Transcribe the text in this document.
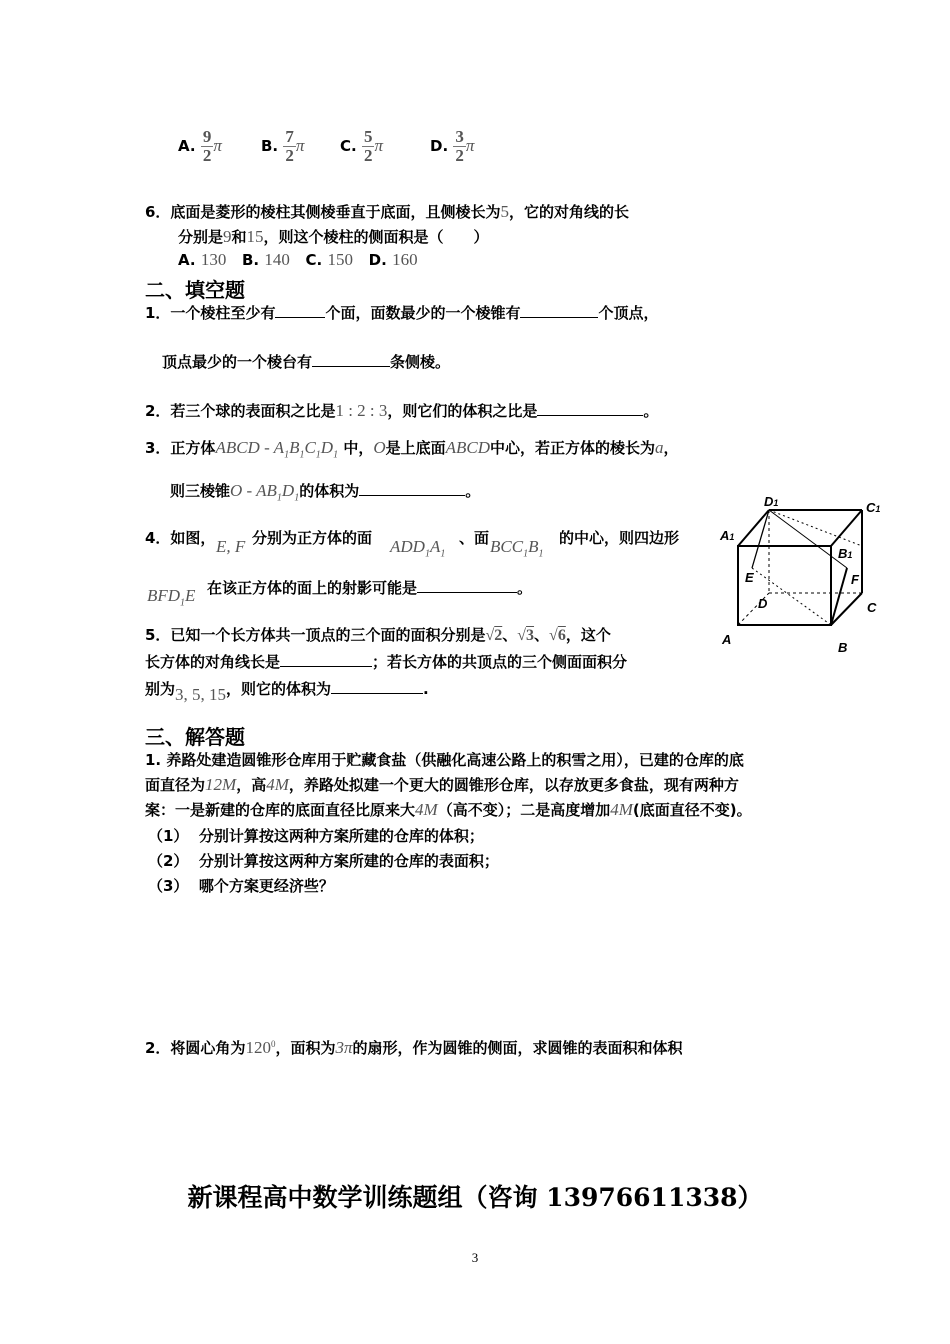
A. $\frac{9}{2}$ π	B. $\frac{7}{2}$ π C. $\frac{5}{2}$ π	D. $\frac{3}{2}$ π
6．底面是菱形的棱柱其侧棱垂直于底面，且侧棱长为5，它的对角线的长
分别是9和15，则这个棱柱的侧面积是（　　）
A. 130 B. 140 C. 150 D. 160
二、填空题
1．一个棱柱至少有	个面，面数最少的一个棱锥有	个顶点，
顶点最少的一个棱台有	条侧棱。
2．若三个球的表面积之比是1 : 2 : 3，则它们的体积之比是	。
3．正方体ABCD - $A_1B_1C_1D_1$ 中，O是上底面ABCD中心，若正方体的棱长为a，
则三棱锥O - $AB_1D_1$的体积为	。
4．如图， E, F 分别为正方体的面 $ADD_1A_1$
、面 $BCC_1B_1$
的中心，则四边形
$BFD_1E$ 在该正方体的面上的射影可能是	。
5．已知一个长方体共一顶点的三个面的面积分别是√2、√3、√6，这个
长方体的对角线长是	；若长方体的共顶点的三个侧面面积分
别为3, 5, 15，则它的体积为	.
D1	C1
A1
B1
E	F
D	C
A
B
三、解答题
1. 养路处建造圆锥形仓库用于贮藏食盐（供融化高速公路上的积雪之用），已建的仓库的底
面直径为12M，高4M，养路处拟建一个更大的圆锥形仓库，以存放更多食盐，现有两种方
案：一是新建的仓库的底面直径比原来大4M（高不变）；二是高度增加4M(底面直径不变)。
（1） 分别计算按这两种方案所建的仓库的体积；
（2） 分别计算按这两种方案所建的仓库的表面积；
（3） 哪个方案更经济些？
2．将圆心角为$120^0$，面积为3π的扇形，作为圆锥的侧面，求圆锥的表面积和体积
新课程高中数学训练题组（咨询 13976611338）
3
